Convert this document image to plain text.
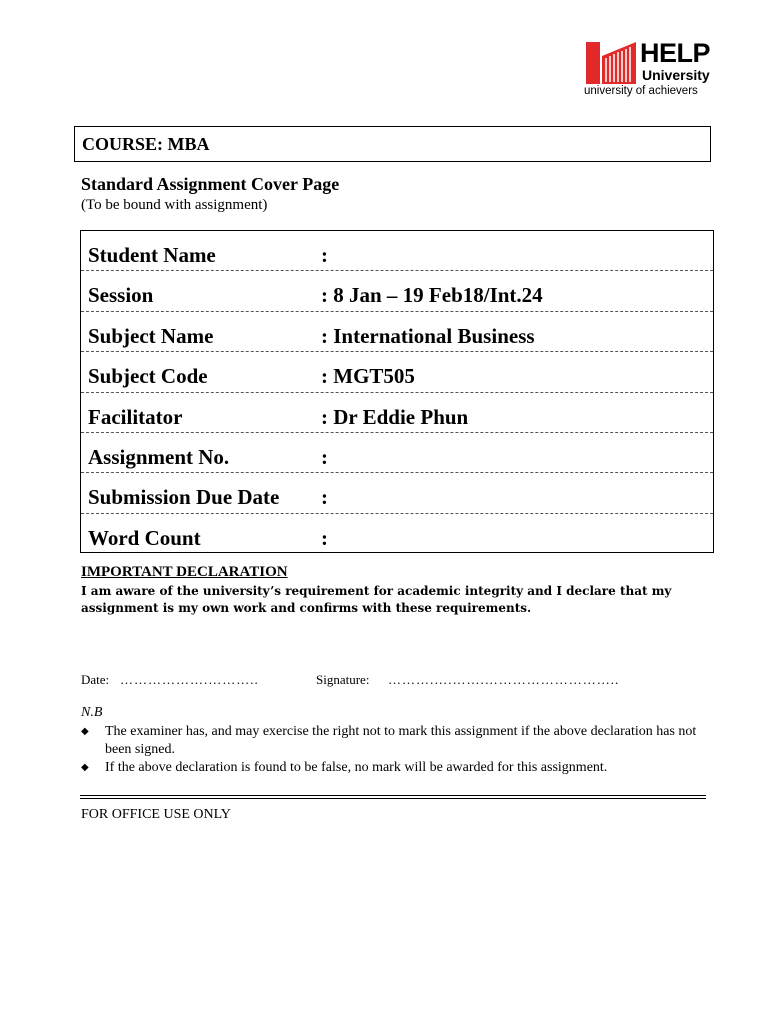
HELP
University
university of achievers
COURSE: MBA
Standard Assignment Cover Page
(To be bound with assignment)
Student Name	:
Session	: 8 Jan – 19 Feb18/Int.24
Subject Name	: International Business
Subject Code	: MGT505
Facilitator	: Dr Eddie Phun
Assignment No.	:
Submission Due Date :
Word Count	:
IMPORTANT DECLARATION
I am aware of the university’s requirement for academic integrity and I declare that my assignment is my own work and confirms with these requirements.
Date: ……………….………..	Signature: ……….….…….………………………..
N.B
◆ The examiner has, and may exercise the right not to mark this assignment if the above declaration has not been signed.
◆ If the above declaration is found to be false, no mark will be awarded for this assignment.
FOR OFFICE USE ONLY
